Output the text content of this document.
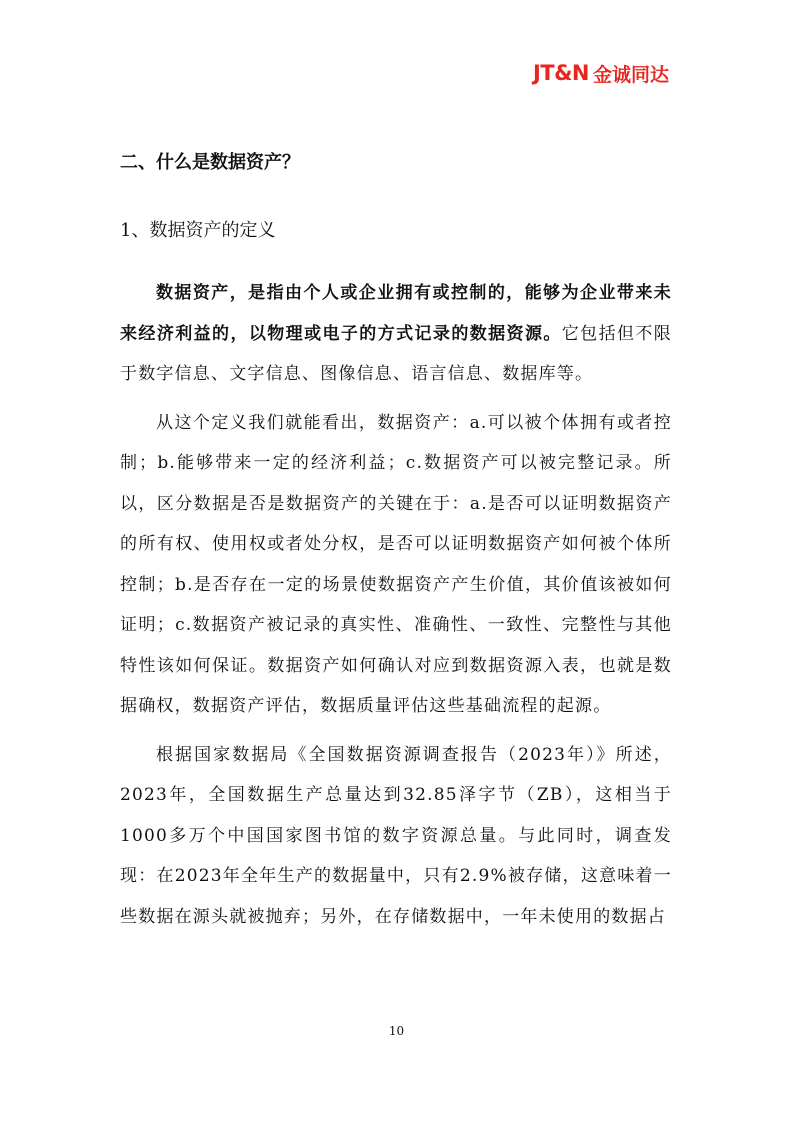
JT&N 金诚同达

二、什么是数据资产？

1、数据资产的定义

数据资产，是指由个人或企业拥有或控制的，能够为企业带来未来经济利益的，以物理或电子的方式记录的数据资源。它包括但不限于数字信息、文字信息、图像信息、语言信息、数据库等。

从这个定义我们就能看出，数据资产：a.可以被个体拥有或者控制；b.能够带来一定的经济利益；c.数据资产可以被完整记录。所以，区分数据是否是数据资产的关键在于：a.是否可以证明数据资产的所有权、使用权或者处分权，是否可以证明数据资产如何被个体所控制；b.是否存在一定的场景使数据资产产生价值，其价值该被如何证明；c.数据资产被记录的真实性、准确性、一致性、完整性与其他特性该如何保证。数据资产如何确认对应到数据资源入表，也就是数据确权，数据资产评估，数据质量评估这些基础流程的起源。

根据国家数据局《全国数据资源调查报告（2023年）》所述，2023年，全国数据生产总量达到32.85泽字节（ZB），这相当于1000多万个中国国家图书馆的数字资源总量。与此同时，调查发现：在2023年全年生产的数据量中，只有2.9%被存储，这意味着一些数据在源头就被抛弃；另外，在存储数据中，一年未使用的数据占

10
